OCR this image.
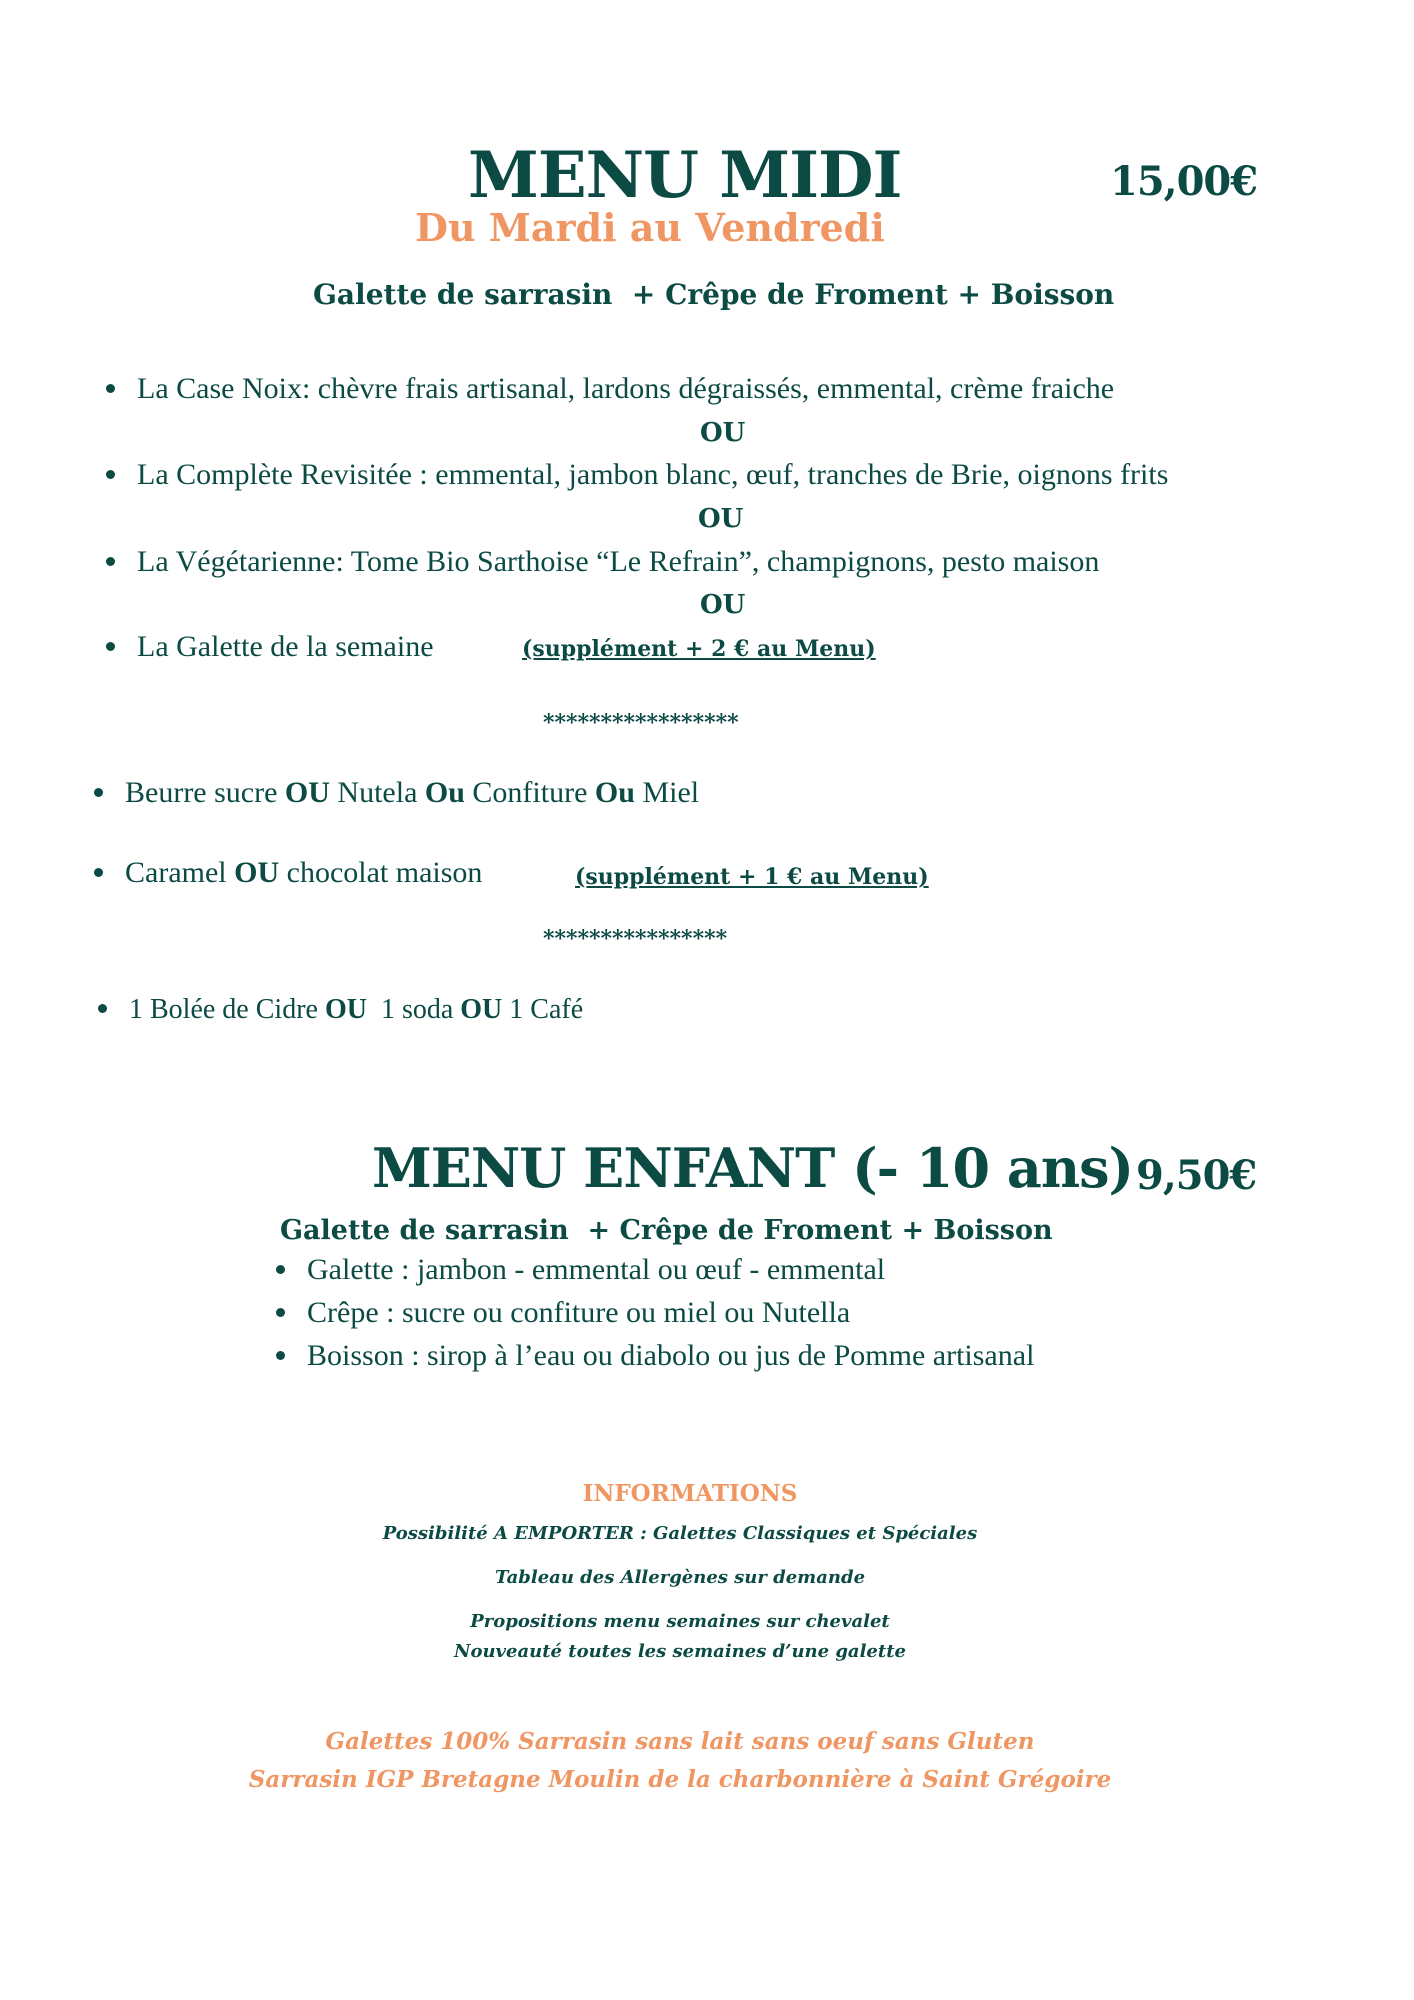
MENU MIDI	15,00€
Du Mardi au Vendredi
Galette de sarrasin  + Crêpe de Froment + Boisson
La Case Noix: chèvre frais artisanal, lardons dégraissés, emmental, crème fraiche
OU
La Complète Revisitée : emmental, jambon blanc, œuf, tranches de Brie, oignons frits
OU
La Végétarienne: Tome Bio Sarthoise “Le Refrain”, champignons, pesto maison
OU
La Galette de la semaine	(supplément + 2 € au Menu)
*****************
Beurre sucre OU Nutela Ou Confiture Ou Miel
Caramel OU chocolat maison	(supplément + 1 € au Menu)
****************
1 Bolée de Cidre OU  1 soda OU 1 Café
MENU ENFANT (- 10 ans) 9,50€
Galette de sarrasin  + Crêpe de Froment + Boisson
Galette : jambon - emmental ou œuf - emmental
Crêpe : sucre ou confiture ou miel ou Nutella
Boisson : sirop à l’eau ou diabolo ou jus de Pomme artisanal
INFORMATIONS
Possibilité A EMPORTER : Galettes Classiques et Spéciales
Tableau des Allergènes sur demande
Propositions menu semaines sur chevalet
Nouveauté toutes les semaines d’une galette
Galettes 100% Sarrasin sans lait sans oeuf sans Gluten
Sarrasin IGP Bretagne Moulin de la charbonnière à Saint Grégoire
